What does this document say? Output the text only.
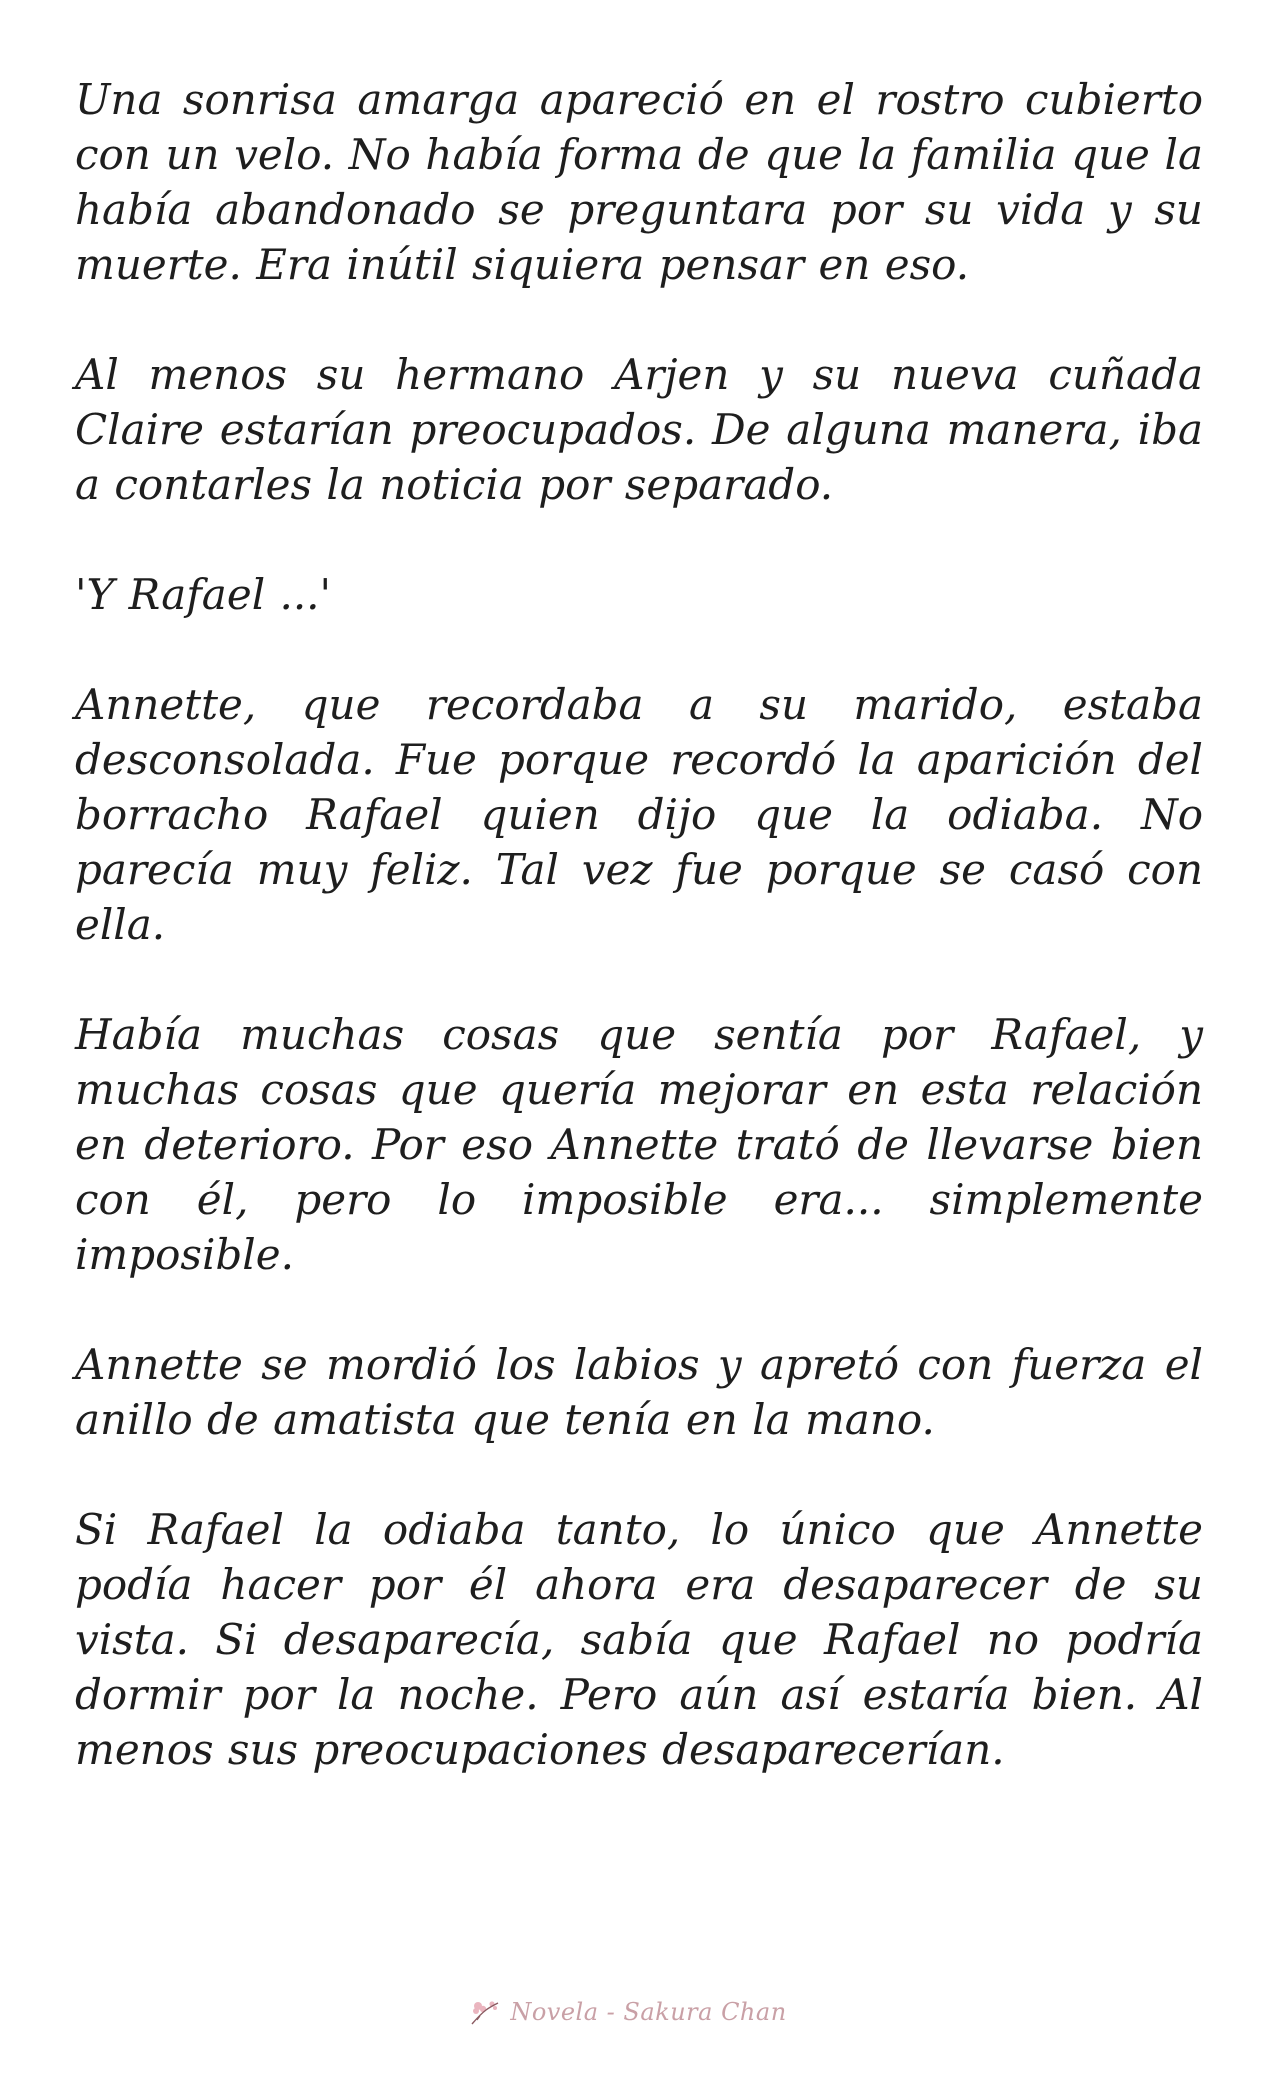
Una sonrisa amarga apareció en el rostro cubierto con un velo. No había forma de que la familia que la había abandonado se preguntara por su vida y su muerte. Era inútil siquiera pensar en eso.

Al menos su hermano Arjen y su nueva cuñada Claire estarían preocupados. De alguna manera, iba a contarles la noticia por separado.

'Y Rafael ...'

Annette, que recordaba a su marido, estaba desconsolada. Fue porque recordó la aparición del borracho Rafael quien dijo que la odiaba. No parecía muy feliz. Tal vez fue porque se casó con ella.

Había muchas cosas que sentía por Rafael, y muchas cosas que quería mejorar en esta relación en deterioro. Por eso Annette trató de llevarse bien con él, pero lo imposible era... simplemente imposible.

Annette se mordió los labios y apretó con fuerza el anillo de amatista que tenía en la mano.

Si Rafael la odiaba tanto, lo único que Annette podía hacer por él ahora era desaparecer de su vista. Si desaparecía, sabía que Rafael no podría dormir por la noche. Pero aún así estaría bien. Al menos sus preocupaciones desaparecerían.

Novela - Sakura Chan
